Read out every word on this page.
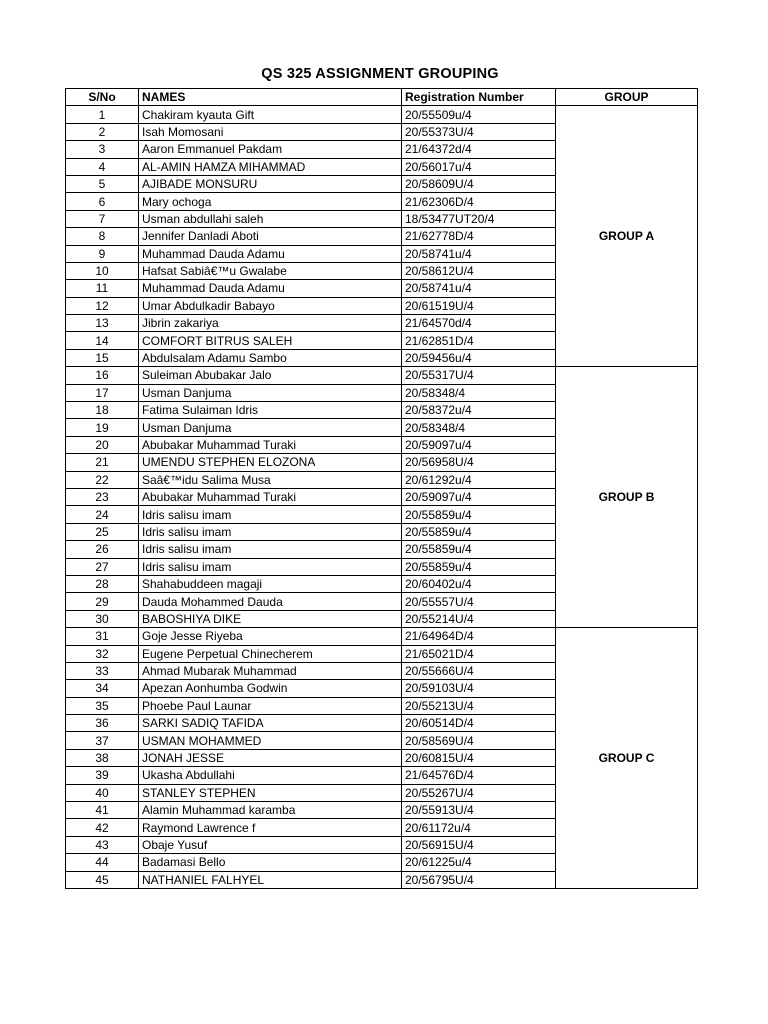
QS 325 ASSIGNMENT GROUPING
S/No	NAMES	Registration Number	GROUP
1	Chakiram kyauta Gift	20/55509u/4	GROUP A
2	Isah Momosani	20/55373U/4	
3	Aaron Emmanuel Pakdam	21/64372d/4	
4	AL-AMIN HAMZA MIHAMMAD	20/56017u/4	
5	AJIBADE MONSURU	20/58609U/4	
6	Mary ochoga	21/62306D/4	
7	Usman abdullahi saleh	18/53477UT20/4	
8	Jennifer Danladi Aboti	21/62778D/4	
9	Muhammad Dauda Adamu	20/58741u/4	
10	Hafsat Sabiâ€™u Gwalabe	20/58612U/4	
11	Muhammad Dauda Adamu	20/58741u/4	
12	Umar Abdulkadir Babayo	20/61519U/4	
13	Jibrin zakariya	21/64570d/4	
14	COMFORT BITRUS SALEH	21/62851D/4	
15	Abdulsalam Adamu Sambo	20/59456u/4	
16	Suleiman Abubakar Jalo	20/55317U/4	GROUP B
17	Usman Danjuma	20/58348/4	
18	Fatima Sulaiman Idris	20/58372u/4	
19	Usman Danjuma	20/58348/4	
20	Abubakar Muhammad Turaki	20/59097u/4	
21	UMENDU STEPHEN ELOZONA	20/56958U/4	
22	Saâ€™idu Salima Musa	20/61292u/4	
23	Abubakar Muhammad Turaki	20/59097u/4	
24	Idris salisu imam	20/55859u/4	
25	Idris salisu imam	20/55859u/4	
26	Idris salisu imam	20/55859u/4	
27	Idris salisu imam	20/55859u/4	
28	Shahabuddeen magaji	20/60402u/4	
29	Dauda Mohammed Dauda	20/55557U/4	
30	BABOSHIYA DIKE	20/55214U/4	
31	Goje Jesse Riyeba	21/64964D/4	GROUP C
32	Eugene Perpetual Chinecherem	21/65021D/4	
33	Ahmad Mubarak Muhammad	20/55666U/4	
34	Apezan Aonhumba Godwin	20/59103U/4	
35	Phoebe Paul Launar	20/55213U/4	
36	SARKI SADIQ TAFIDA	20/60514D/4	
37	USMAN MOHAMMED	20/58569U/4	
38	JONAH JESSE	20/60815U/4	
39	Ukasha Abdullahi	21/64576D/4	
40	STANLEY STEPHEN	20/55267U/4	
41	Alamin Muhammad karamba	20/55913U/4	
42	Raymond Lawrence f	20/61172u/4	
43	Obaje Yusuf	20/56915U/4	
44	Badamasi Bello	20/61225u/4	
45	NATHANIEL FALHYEL	20/56795U/4	
